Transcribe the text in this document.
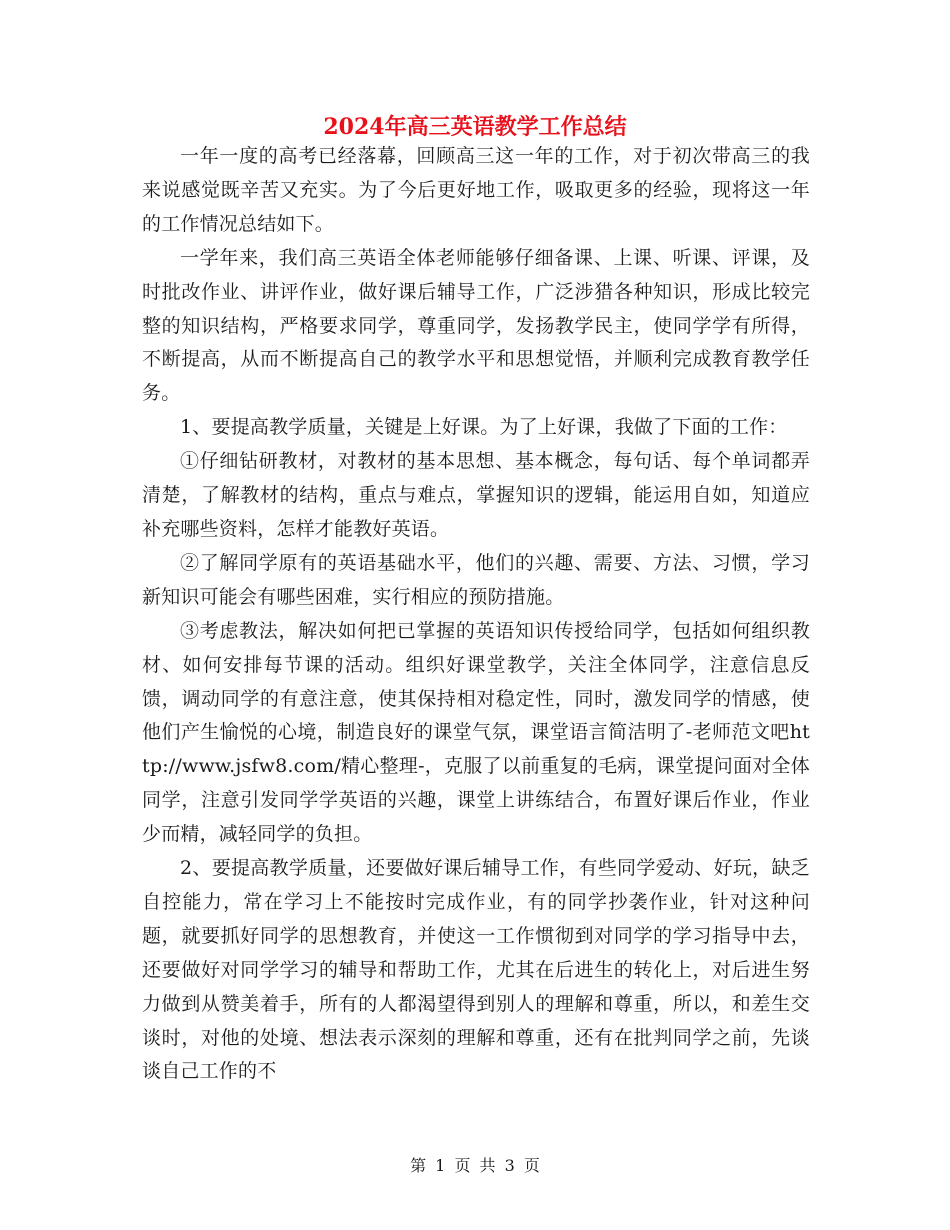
2024年高三英语教学工作总结

一年一度的高考已经落幕，回顾高三这一年的工作，对于初次带高三的我来说感觉既辛苦又充实。为了今后更好地工作，吸取更多的经验，现将这一年的工作情况总结如下。

一学年来，我们高三英语全体老师能够仔细备课、上课、听课、评课，及时批改作业、讲评作业，做好课后辅导工作，广泛涉猎各种知识，形成比较完整的知识结构，严格要求同学，尊重同学，发扬教学民主，使同学学有所得，不断提高，从而不断提高自己的教学水平和思想觉悟，并顺利完成教育教学任务。

1、要提高教学质量，关键是上好课。为了上好课，我做了下面的工作：

①仔细钻研教材，对教材的基本思想、基本概念，每句话、每个单词都弄清楚，了解教材的结构，重点与难点，掌握知识的逻辑，能运用自如，知道应补充哪些资料，怎样才能教好英语。

②了解同学原有的英语基础水平，他们的兴趣、需要、方法、习惯，学习新知识可能会有哪些困难，实行相应的预防措施。

③考虑教法，解决如何把已掌握的英语知识传授给同学，包括如何组织教材、如何安排每节课的活动。组织好课堂教学，关注全体同学，注意信息反馈，调动同学的有意注意，使其保持相对稳定性，同时，激发同学的情感，使他们产生愉悦的心境，制造良好的课堂气氛，课堂语言简洁明了-老师范文吧http://www.jsfw8.com/精心整理-，克服了以前重复的毛病，课堂提问面对全体同学，注意引发同学学英语的兴趣，课堂上讲练结合，布置好课后作业，作业少而精，减轻同学的负担。

2、要提高教学质量，还要做好课后辅导工作，有些同学爱动、好玩，缺乏自控能力，常在学习上不能按时完成作业，有的同学抄袭作业，针对这种问题，就要抓好同学的思想教育，并使这一工作惯彻到对同学的学习指导中去，还要做好对同学学习的辅导和帮助工作，尤其在后进生的转化上，对后进生努力做到从赞美着手，所有的人都渴望得到别人的理解和尊重，所以，和差生交谈时，对他的处境、想法表示深刻的理解和尊重，还有在批判同学之前，先谈谈自己工作的不

第 1 页 共 3 页
